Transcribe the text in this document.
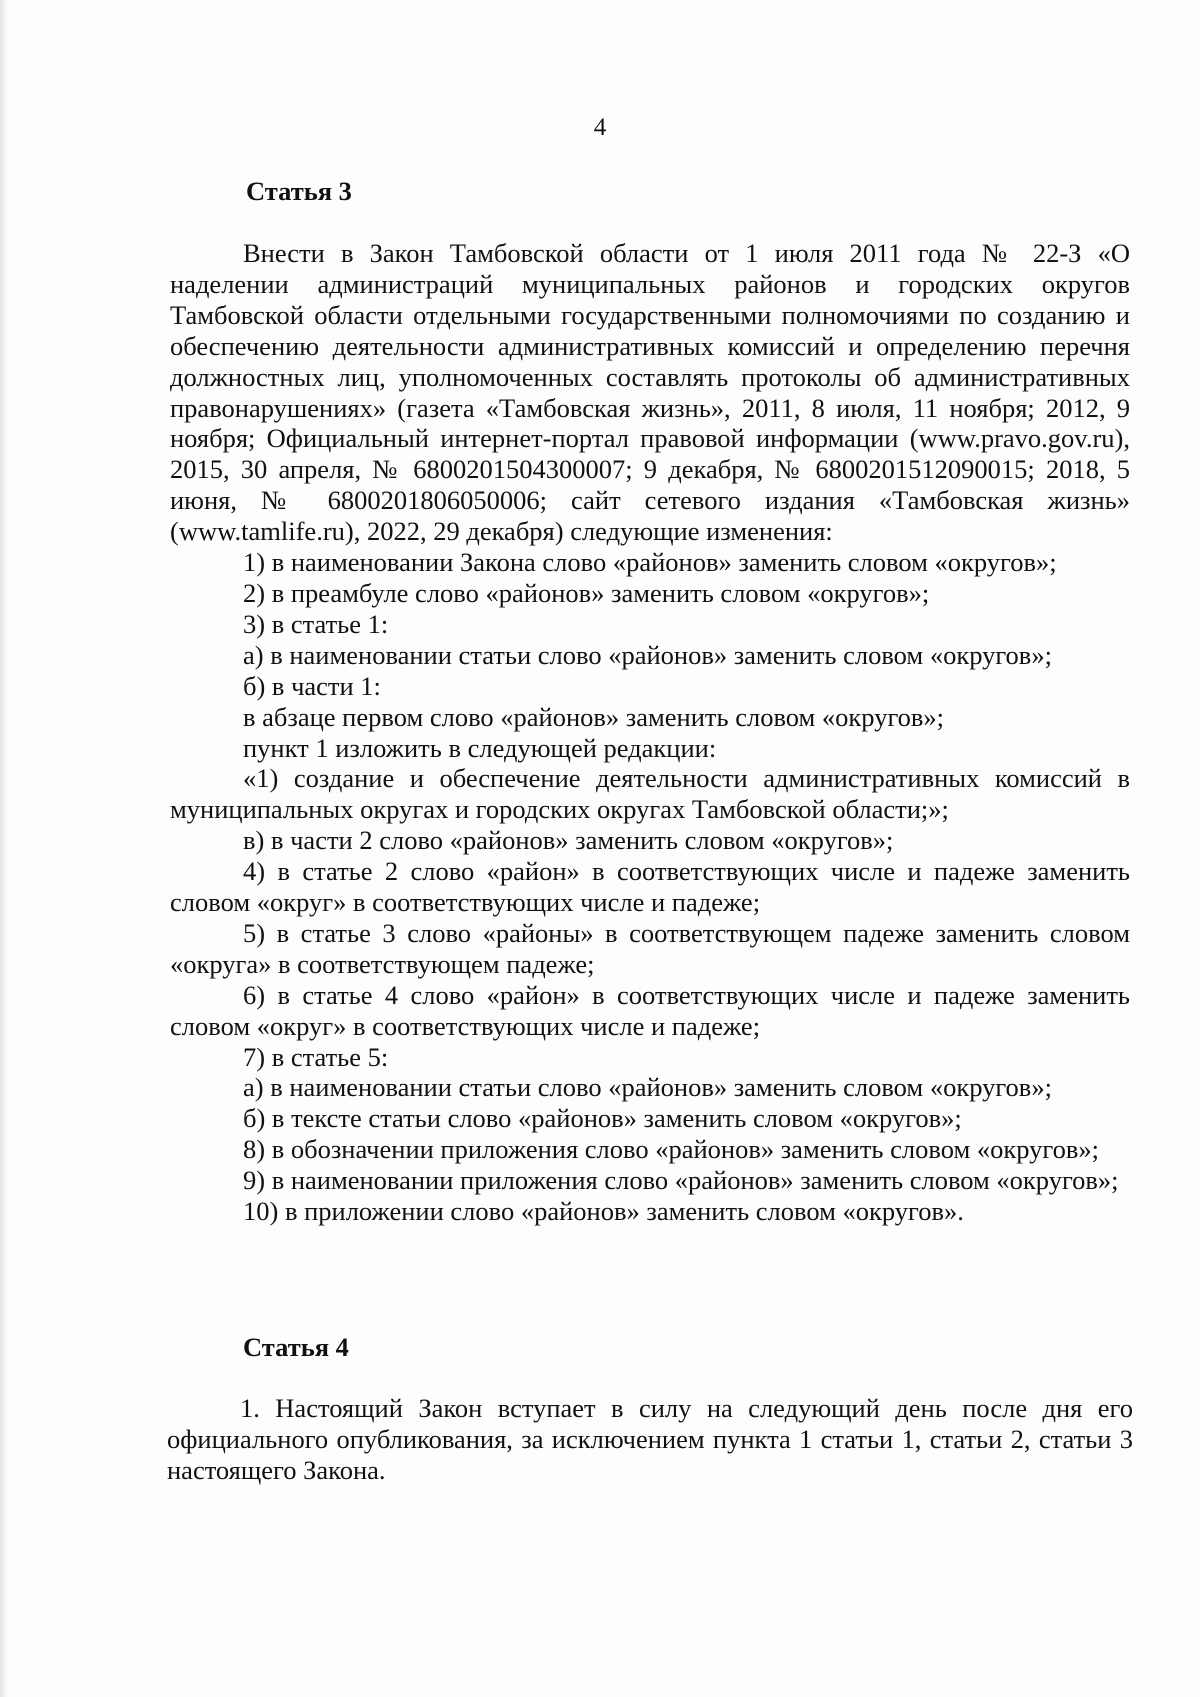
4
Статья 3
Внести в Закон Тамбовской области от 1 июля 2011 года № 22-З «О наделении администраций муниципальных районов и городских округов Тамбовской области отдельными государственными полномочиями по созданию и обеспечению деятельности административных комиссий и определению перечня должностных лиц, уполномоченных составлять протоколы об административных правонарушениях» (газета «Тамбовская жизнь», 2011, 8 июля, 11 ноября; 2012, 9 ноября; Официальный интернет-портал правовой информации (www.pravo.gov.ru), 2015, 30 апреля, № 6800201504300007; 9 декабря, № 6800201512090015; 2018, 5 июня, № 6800201806050006; сайт сетевого издания «Тамбовская жизнь» (www.tamlife.ru), 2022, 29 декабря) следующие изменения:
1) в наименовании Закона слово «районов» заменить словом «округов»;
2) в преамбуле слово «районов» заменить словом «округов»;
3) в статье 1:
а) в наименовании статьи слово «районов» заменить словом «округов»;
б) в части 1:
в абзаце первом слово «районов» заменить словом «округов»;
пункт 1 изложить в следующей редакции:
«1) создание и обеспечение деятельности административных комиссий в муниципальных округах и городских округах Тамбовской области;»;
в) в части 2 слово «районов» заменить словом «округов»;
4) в статье 2 слово «район» в соответствующих числе и падеже заменить словом «округ» в соответствующих числе и падеже;
5) в статье 3 слово «районы» в соответствующем падеже заменить словом «округа» в соответствующем падеже;
6) в статье 4 слово «район» в соответствующих числе и падеже заменить словом «округ» в соответствующих числе и падеже;
7) в статье 5:
а) в наименовании статьи слово «районов» заменить словом «округов»;
б) в тексте статьи слово «районов» заменить словом «округов»;
8) в обозначении приложения слово «районов» заменить словом «округов»;
9) в наименовании приложения слово «районов» заменить словом «округов»;
10) в приложении слово «районов» заменить словом «округов».
Статья 4
1. Настоящий Закон вступает в силу на следующий день после дня его официального опубликования, за исключением пункта 1 статьи 1, статьи 2, статьи 3 настоящего Закона.
